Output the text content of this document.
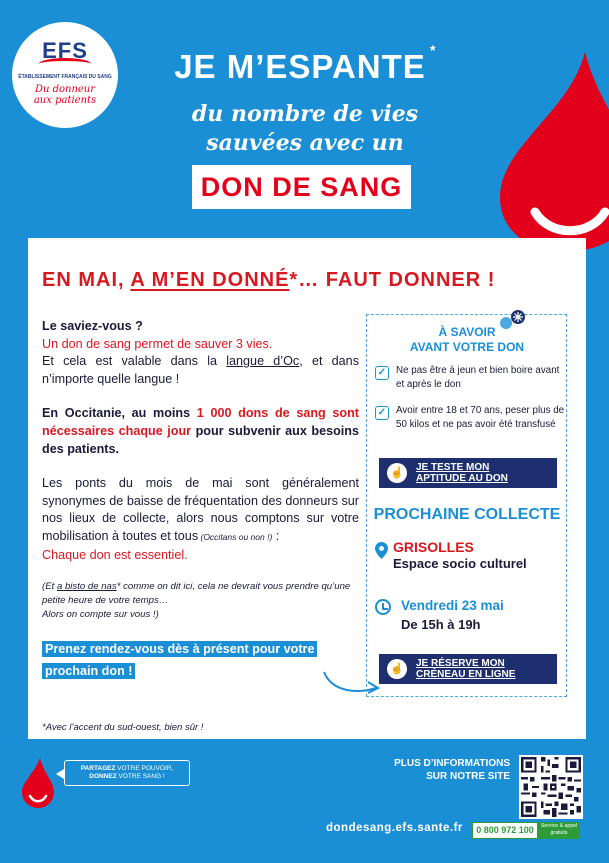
EFS
ÉTABLISSEMENT FRANÇAIS DU SANG
Du donneur
aux patients
JE M’ESPANTE *
du nombre de vies
sauvées avec un
DON DE SANG
EN MAI, A M’EN DONNÉ*… FAUT DONNER !

Le saviez-vous ?

Un don de sang permet de sauver 3 vies.

Et cela est valable dans la langue d’Oc, et dans n’importe quelle langue !

En Occitanie, au moins 1 000 dons de sang sont nécessaires chaque jour pour subvenir aux besoins des patients.

Les ponts du mois de mai sont généralement synonymes de baisse de fréquentation des donneurs sur nos lieux de collecte, alors nous comptons sur votre mobilisation à toutes et tous (Occitans ou non !) :

Chaque don est essentiel.

(Et a bisto de nas* comme on dit ici, cela ne devrait vous prendre qu’une petite heure de votre temps…
Alors on compte sur vous !)

Prenez rendez-vous dès à présent pour votre
prochain don !
*Avec l’accent du sud-ouest, bien sûr !
À SAVOIR
AVANT VOTRE DON
✓ Ne pas être à jeun et bien boire avant et après le don
✓ Avoir entre 18 et 70 ans, peser plus de 50 kilos et ne pas avoir été transfusé
☝	JE TESTE MON
APTITUDE AU DON
PROCHAINE COLLECTE
GRISOLLES
Espace socio culturel
Vendredi 23 mai
De 15h à 19h
☝	JE RÉSERVE MON
CRÉNEAU EN LIGNE
PARTAGEZ VOTRE POUVOIR,
DONNEZ VOTRE SANG !
PLUS D’INFORMATIONS
SUR NOTRE SITE
dondesang.efs.sante.fr	0 800 972 100	Service & appel
gratuits
